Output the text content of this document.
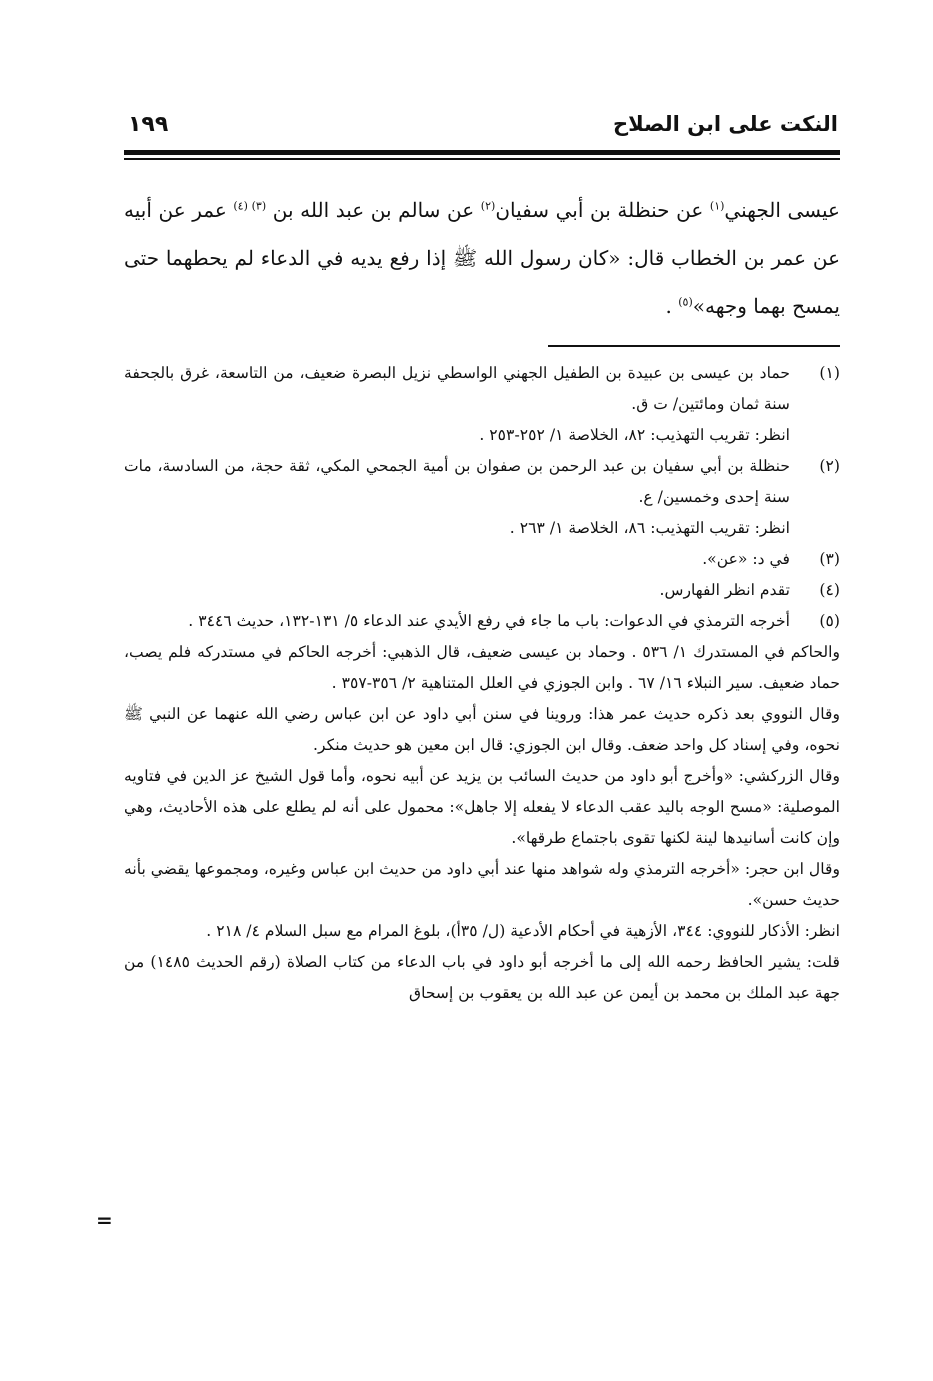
النكت على ابن الصلاح
١٩٩
عيسى الجهني$^{(١)}$ عن حنظلة بن أبي سفيان$^{(٢)}$ عن سالم بن عبد الله بن $^{(٣) (٤)}$ عمر عن أبيه عن عمر بن الخطاب قال: «كان رسول الله ﷺ إذا رفع يديه في الدعاء لم يحطهما حتى يمسح بهما وجهه»$^{(٥)}$ .
(١)
حماد بن عيسى بن عبيدة بن الطفيل الجهني الواسطي نزيل البصرة ضعيف، من التاسعة، غرق بالجحفة سنة ثمان ومائتين/ ت ق.
انظر: تقريب التهذيب: ٨٢، الخلاصة ١/ ٢٥٢-٢٥٣ .
(٢)
حنظلة بن أبي سفيان بن عبد الرحمن بن صفوان بن أمية الجمحي المكي، ثقة حجة، من السادسة، مات سنة إحدى وخمسين/ ع.
انظر: تقريب التهذيب: ٨٦، الخلاصة ١/ ٢٦٣ .
(٣)
في د: «عن».
(٤)
تقدم انظر الفهارس.
(٥)
أخرجه الترمذي في الدعوات: باب ما جاء في رفع الأيدي عند الدعاء ٥/ ١٣١-١٣٢، حديث ٣٤٤٦ .
والحاكم في المستدرك ١/ ٥٣٦ . وحماد بن عيسى ضعيف، قال الذهبي: أخرجه الحاكم في مستدركه فلم يصب، حماد ضعيف. سير النبلاء ١٦/ ٦٧ . وابن الجوزي في العلل المتناهية ٢/ ٣٥٦-٣٥٧ .
وقال النووي بعد ذكره حديث عمر هذا: وروينا في سنن أبي داود عن ابن عباس رضي الله عنهما عن النبي ﷺ نحوه، وفي إسناد كل واحد ضعف. وقال ابن الجوزي: قال ابن معين هو حديث منكر.
وقال الزركشي: «وأخرج أبو داود من حديث السائب بن يزيد عن أبيه نحوه، وأما قول الشيخ عز الدين في فتاويه الموصلية: «مسح الوجه باليد عقب الدعاء لا يفعله إلا جاهل»: محمول على أنه لم يطلع على هذه الأحاديث، وهي وإن كانت أسانيدها لينة لكنها تقوى باجتماع طرقها».
وقال ابن حجر: «أخرجه الترمذي وله شواهد منها عند أبي داود من حديث ابن عباس وغيره، ومجموعها يقضي بأنه حديث حسن».
انظر: الأذكار للنووي: ٣٤٤، الأزهية في أحكام الأدعية (ل/ ٣٥أ)، بلوغ المرام مع سبل السلام ٤/ ٢١٨ .
قلت: يشير الحافظ رحمه الله إلى ما أخرجه أبو داود في باب الدعاء من كتاب الصلاة (رقم الحديث ١٤٨٥) من جهة عبد الملك بن محمد بن أيمن عن عبد الله بن يعقوب بن إسحاق
=
